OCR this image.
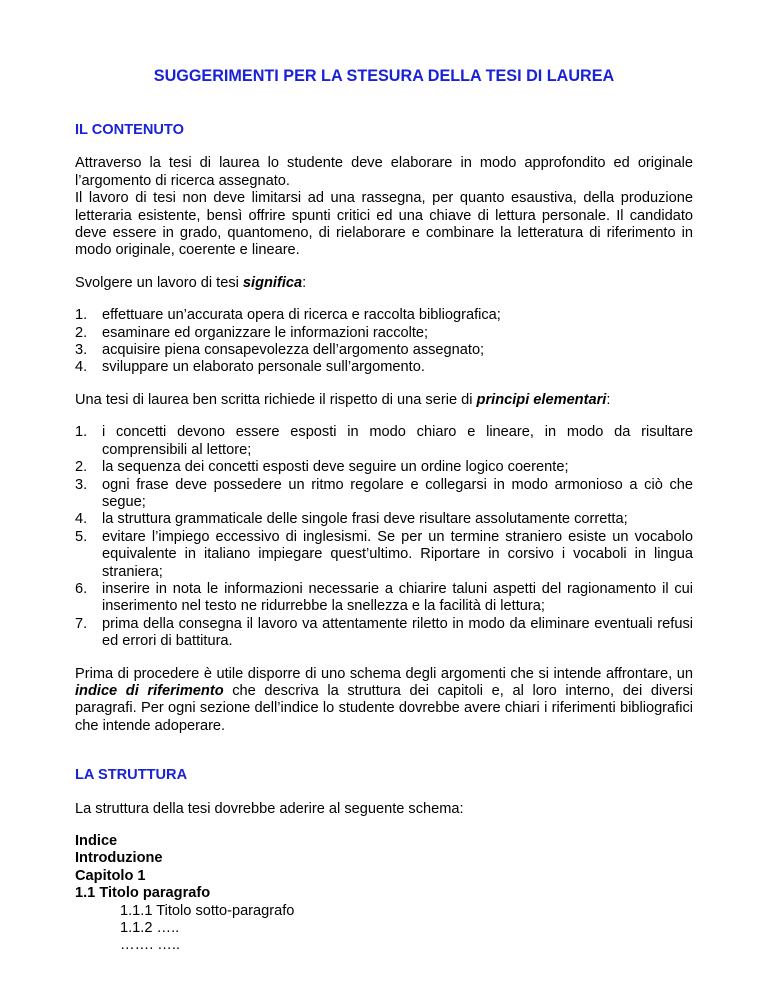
SUGGERIMENTI PER LA STESURA DELLA TESI DI LAUREA
IL CONTENUTO

Attraverso la tesi di laurea lo studente deve elaborare in modo approfondito ed originale l’argomento di ricerca assegnato.
Il lavoro di tesi non deve limitarsi ad una rassegna, per quanto esaustiva, della produzione letteraria esistente, bensì offrire spunti critici ed una chiave di lettura personale. Il candidato deve essere in grado, quantomeno, di rielaborare e combinare la letteratura di riferimento in modo originale, coerente e lineare.

Svolgere un lavoro di tesi significa:

1. effettuare un’accurata opera di ricerca e raccolta bibliografica;
2. esaminare ed organizzare le informazioni raccolte;
3. acquisire piena consapevolezza dell’argomento assegnato;
4. sviluppare un elaborato personale sull’argomento.

Una tesi di laurea ben scritta richiede il rispetto di una serie di principi elementari:

1. i concetti devono essere esposti in modo chiaro e lineare, in modo da risultare comprensibili al lettore;
2. la sequenza dei concetti esposti deve seguire un ordine logico coerente;
3. ogni frase deve possedere un ritmo regolare e collegarsi in modo armonioso a ciò che segue;
4. la struttura grammaticale delle singole frasi deve risultare assolutamente corretta;
5. evitare l’impiego eccessivo di inglesismi. Se per un termine straniero esiste un vocabolo equivalente in italiano impiegare quest’ultimo. Riportare in corsivo i vocaboli in lingua straniera;
6. inserire in nota le informazioni necessarie a chiarire taluni aspetti del ragionamento il cui inserimento nel testo ne ridurrebbe la snellezza e la facilità di lettura;
7. prima della consegna il lavoro va attentamente riletto in modo da eliminare eventuali refusi ed errori di battitura.

Prima di procedere è utile disporre di uno schema degli argomenti che si intende affrontare, un indice di riferimento che descriva la struttura dei capitoli e, al loro interno, dei diversi paragrafi. Per ogni sezione dell’indice lo studente dovrebbe avere chiari i riferimenti bibliografici che intende adoperare.

LA STRUTTURA

La struttura della tesi dovrebbe aderire al seguente schema:

Indice
Introduzione
Capitolo 1
1.1 Titolo paragrafo
1.1.1 Titolo sotto-paragrafo
1.1.2 …..
……. …..
